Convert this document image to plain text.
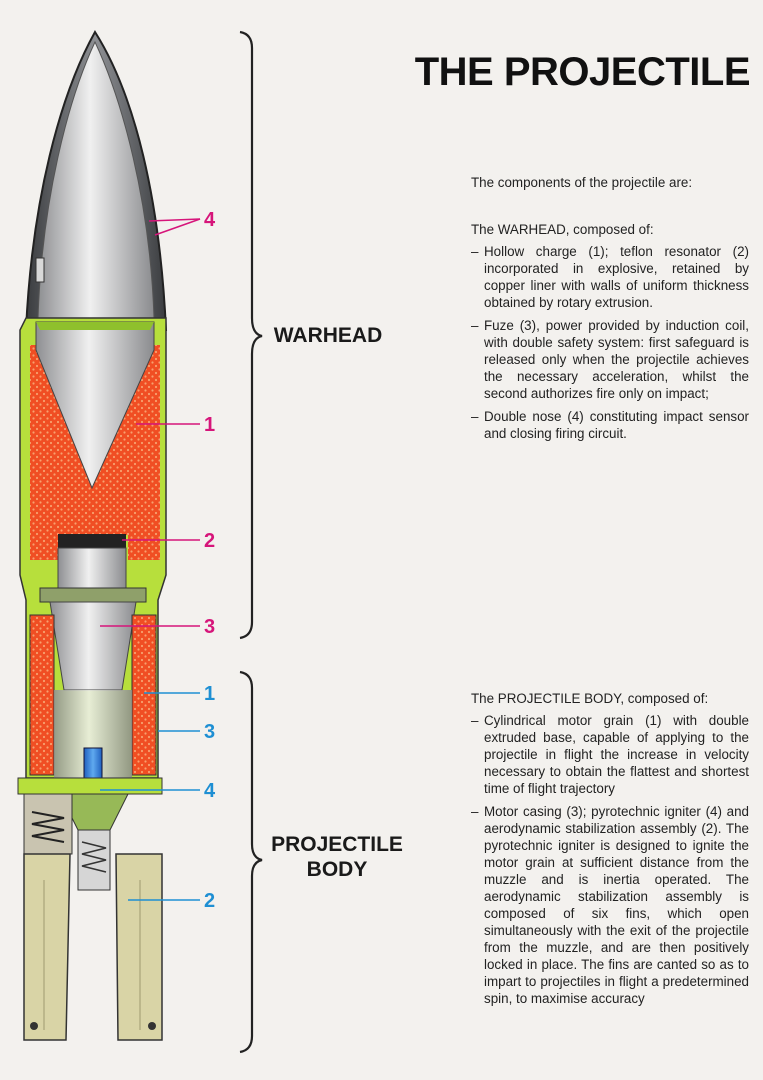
4
1
2
3
1
3
4
2
THE PROJECTILE
WARHEAD
PROJECTILE
BODY

The components of the projectile are:

The WARHEAD, composed of:

– Hollow charge (1); teflon resonator (2) incorporated in explosive, retained by copper liner with walls of uniform thickness obtained by rotary extrusion.
– Fuze (3), power provided by induction coil, with double safety system: first safeguard is released only when the projectile achieves the necessary acceleration, whilst the second authorizes fire only on impact;
– Double nose (4) constituting impact sensor and closing firing circuit.

The PROJECTILE BODY, composed of:

– Cylindrical motor grain (1) with double extruded base, capable of applying to the projectile in flight the increase in velocity necessary to obtain the flattest and shortest time of flight trajectory
– Motor casing (3); pyrotechnic igniter (4) and aerodynamic stabilization assembly (2). The pyrotechnic igniter is designed to ignite the motor grain at sufficient distance from the muzzle and is inertia operated. The aerodynamic stabilization assembly is composed of six fins, which open simultaneously with the exit of the projectile from the muzzle, and are then positively locked in place. The fins are canted so as to impart to projectiles in flight a predetermined spin, to maximise accuracy
